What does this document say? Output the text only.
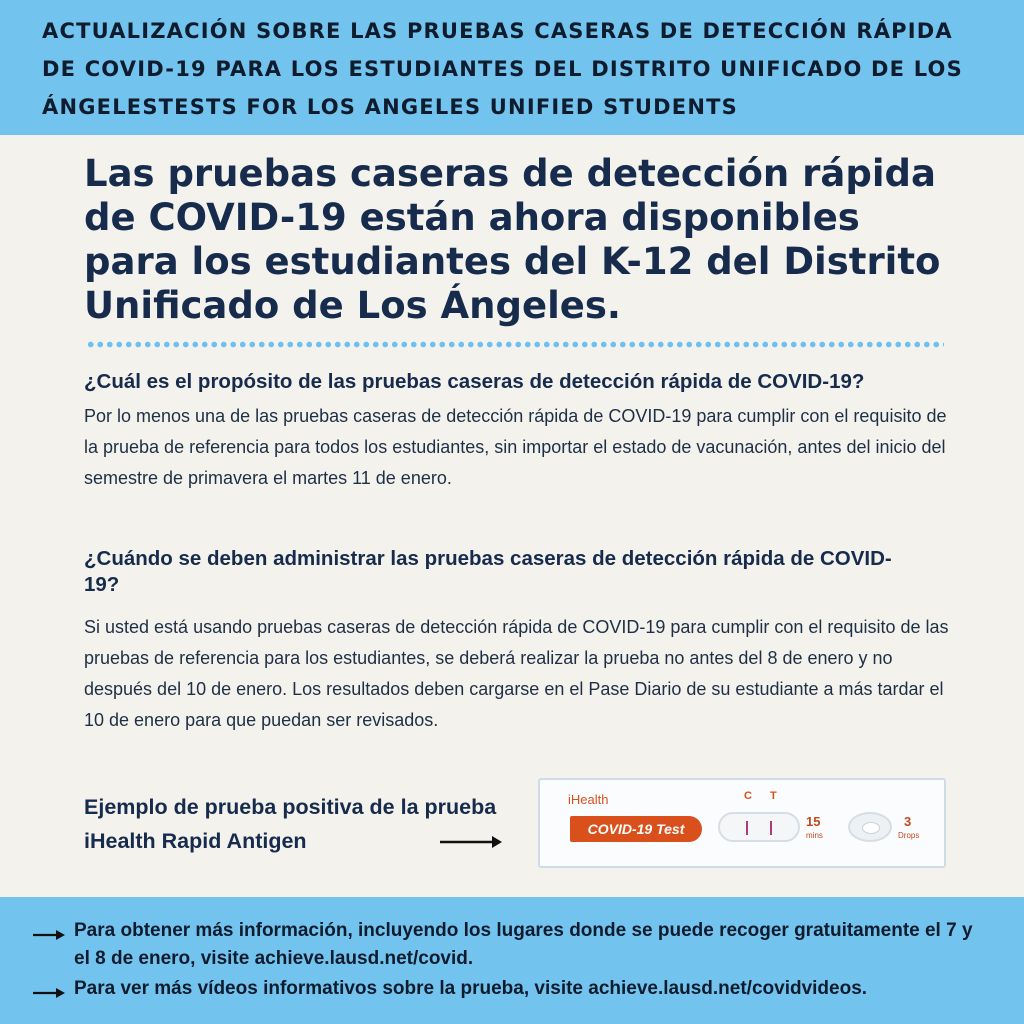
ACTUALIZACIÓN SOBRE LAS PRUEBAS CASERAS DE DETECCIÓN RÁPIDA DE COVID-19 PARA LOS ESTUDIANTES DEL DISTRITO UNIFICADO DE LOS ÁNGELESTESTS FOR LOS ANGELES UNIFIED STUDENTS
Las pruebas caseras de detección rápida de COVID-19 están ahora disponibles para los estudiantes del K-12 del Distrito Unificado de Los Ángeles.
¿Cuál es el propósito de las pruebas caseras de detección rápida de COVID-19?

Por lo menos una de las pruebas caseras de detección rápida de COVID-19 para cumplir con el requisito de la prueba de referencia para todos los estudiantes, sin importar el estado de vacunación, antes del inicio del semestre de primavera el martes 11 de enero.

¿Cuándo se deben administrar las pruebas caseras de detección rápida de COVID-19?

Si usted está usando pruebas caseras de detección rápida de COVID-19 para cumplir con el requisito de las pruebas de referencia para los estudiantes, se deberá realizar la prueba no antes del 8 de enero y no después del 10 de enero. Los resultados deben cargarse en el Pase Diario de su estudiante a más tardar el 10 de enero para que puedan ser revisados.

Ejemplo de prueba positiva de la prueba iHealth Rapid Antigen

iHealth
COVID-19 Test
C T
15
mins
3
Drops
Para obtener más información, incluyendo los lugares donde se puede recoger gratuitamente el 7 y el 8 de enero, visite achieve.lausd.net/covid.
Para ver más vídeos informativos sobre la prueba, visite achieve.lausd.net/covidvideos.
